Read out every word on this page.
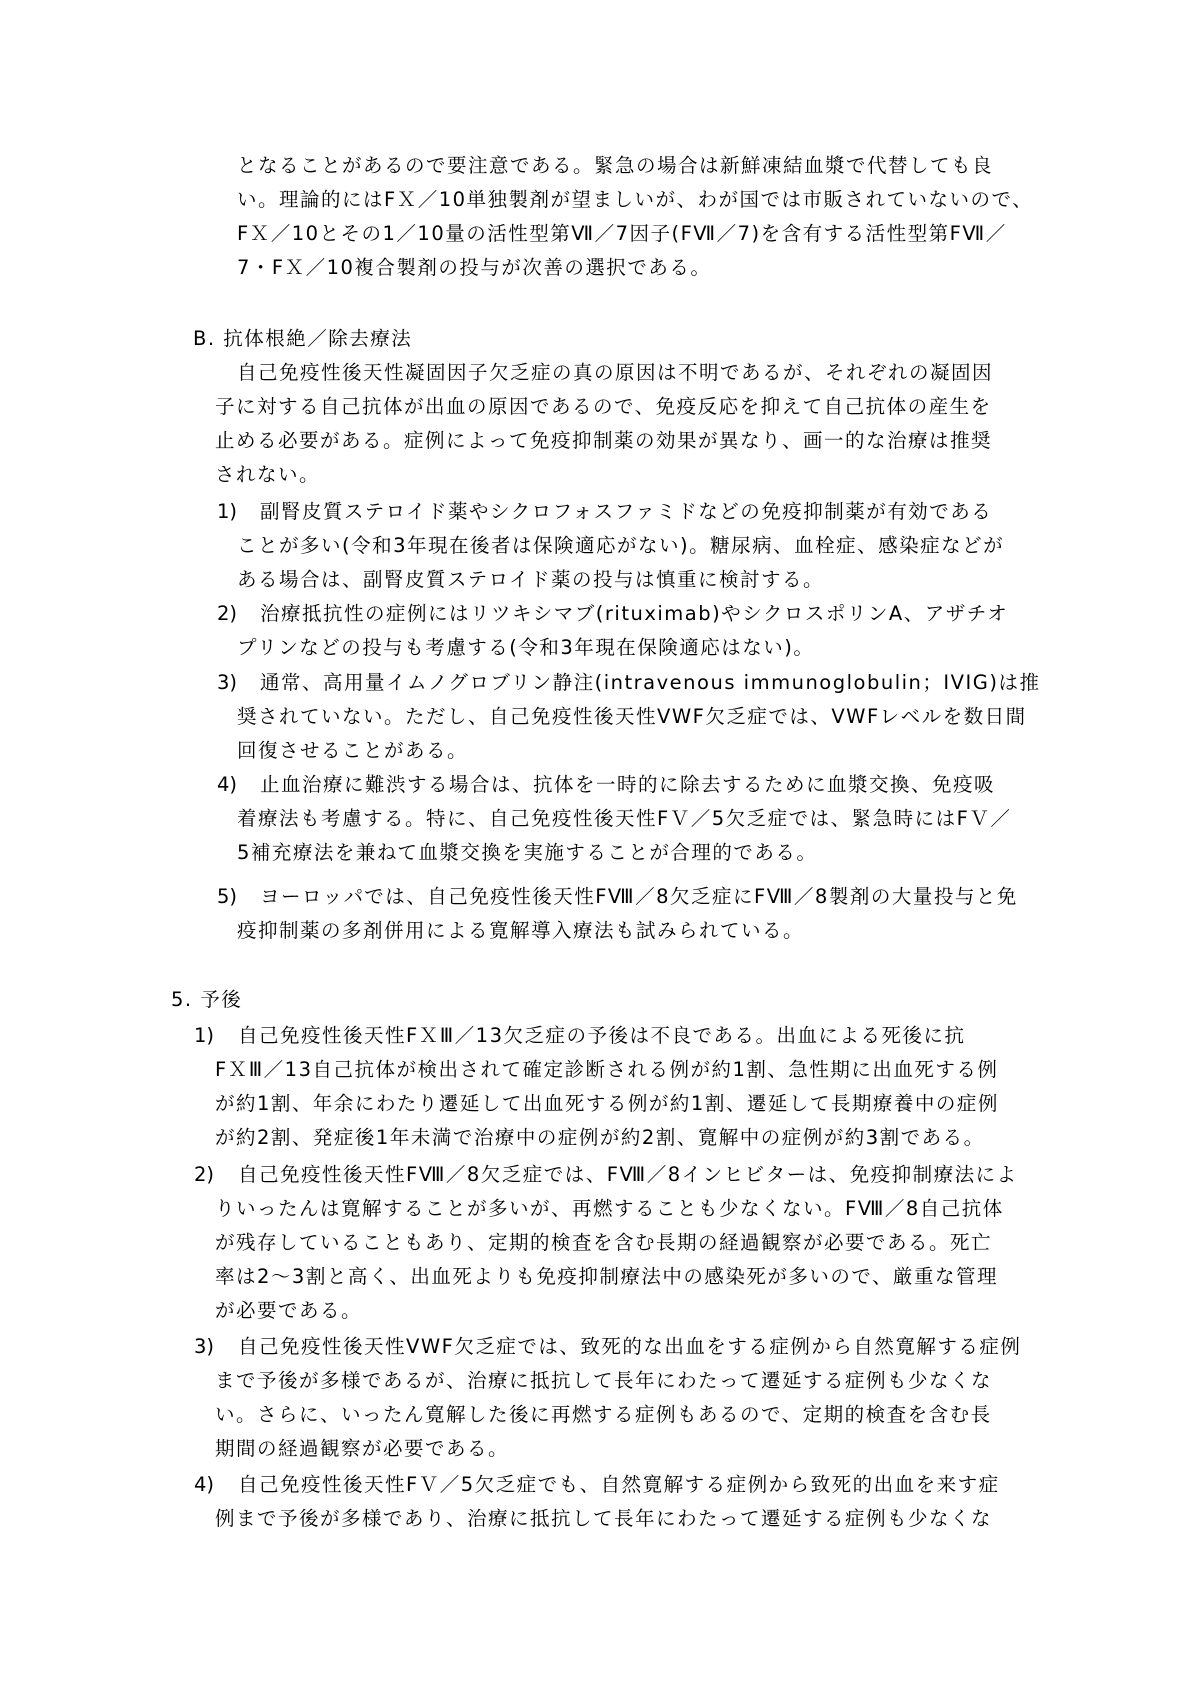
となることがあるので要注意である。緊急の場合は新鮮凍結血漿で代替しても良
い。理論的にはFＸ／10単独製剤が望ましいが、わが国では市販されていないので、
FＸ／10とその1／10量の活性型第Ⅶ／7因子(FⅦ／7)を含有する活性型第FⅦ／
7・FＸ／10複合製剤の投与が次善の選択である。
B. 抗体根絶／除去療法
自己免疫性後天性凝固因子欠乏症の真の原因は不明であるが、それぞれの凝固因
子に対する自己抗体が出血の原因であるので、免疫反応を抑えて自己抗体の産生を
止める必要がある。症例によって免疫抑制薬の効果が異なり、画一的な治療は推奨
されない。
1) 副腎皮質ステロイド薬やシクロフォスファミドなどの免疫抑制薬が有効である
ことが多い(令和3年現在後者は保険適応がない)。糖尿病、血栓症、感染症などが
ある場合は、副腎皮質ステロイド薬の投与は慎重に検討する。
2) 治療抵抗性の症例にはリツキシマブ(rituximab)やシクロスポリンA、アザチオ
プリンなどの投与も考慮する(令和3年現在保険適応はない)。
3) 通常、高用量イムノグロブリン静注(intravenous immunoglobulin；IVIG)は推
奨されていない。ただし、自己免疫性後天性VWF欠乏症では、VWFレベルを数日間
回復させることがある。
4) 止血治療に難渋する場合は、抗体を一時的に除去するために血漿交換、免疫吸
着療法も考慮する。特に、自己免疫性後天性FＶ／5欠乏症では、緊急時にはFＶ／
5補充療法を兼ねて血漿交換を実施することが合理的である。
5) ヨーロッパでは、自己免疫性後天性FⅧ／8欠乏症にFⅧ／8製剤の大量投与と免
疫抑制薬の多剤併用による寛解導入療法も試みられている。
5. 予後
1) 自己免疫性後天性FＸⅢ／13欠乏症の予後は不良である。出血による死後に抗
FＸⅢ／13自己抗体が検出されて確定診断される例が約1割、急性期に出血死する例
が約1割、年余にわたり遷延して出血死する例が約1割、遷延して長期療養中の症例
が約2割、発症後1年未満で治療中の症例が約2割、寛解中の症例が約3割である。
2) 自己免疫性後天性FⅧ／8欠乏症では、FⅧ／8インヒビターは、免疫抑制療法によ
りいったんは寛解することが多いが、再燃することも少なくない。FⅧ／8自己抗体
が残存していることもあり、定期的検査を含む長期の経過観察が必要である。死亡
率は2～3割と高く、出血死よりも免疫抑制療法中の感染死が多いので、厳重な管理
が必要である。
3) 自己免疫性後天性VWF欠乏症では、致死的な出血をする症例から自然寛解する症例
まで予後が多様であるが、治療に抵抗して長年にわたって遷延する症例も少なくな
い。さらに、いったん寛解した後に再燃する症例もあるので、定期的検査を含む長
期間の経過観察が必要である。
4) 自己免疫性後天性FＶ／5欠乏症でも、自然寛解する症例から致死的出血を来す症
例まで予後が多様であり、治療に抵抗して長年にわたって遷延する症例も少なくな
